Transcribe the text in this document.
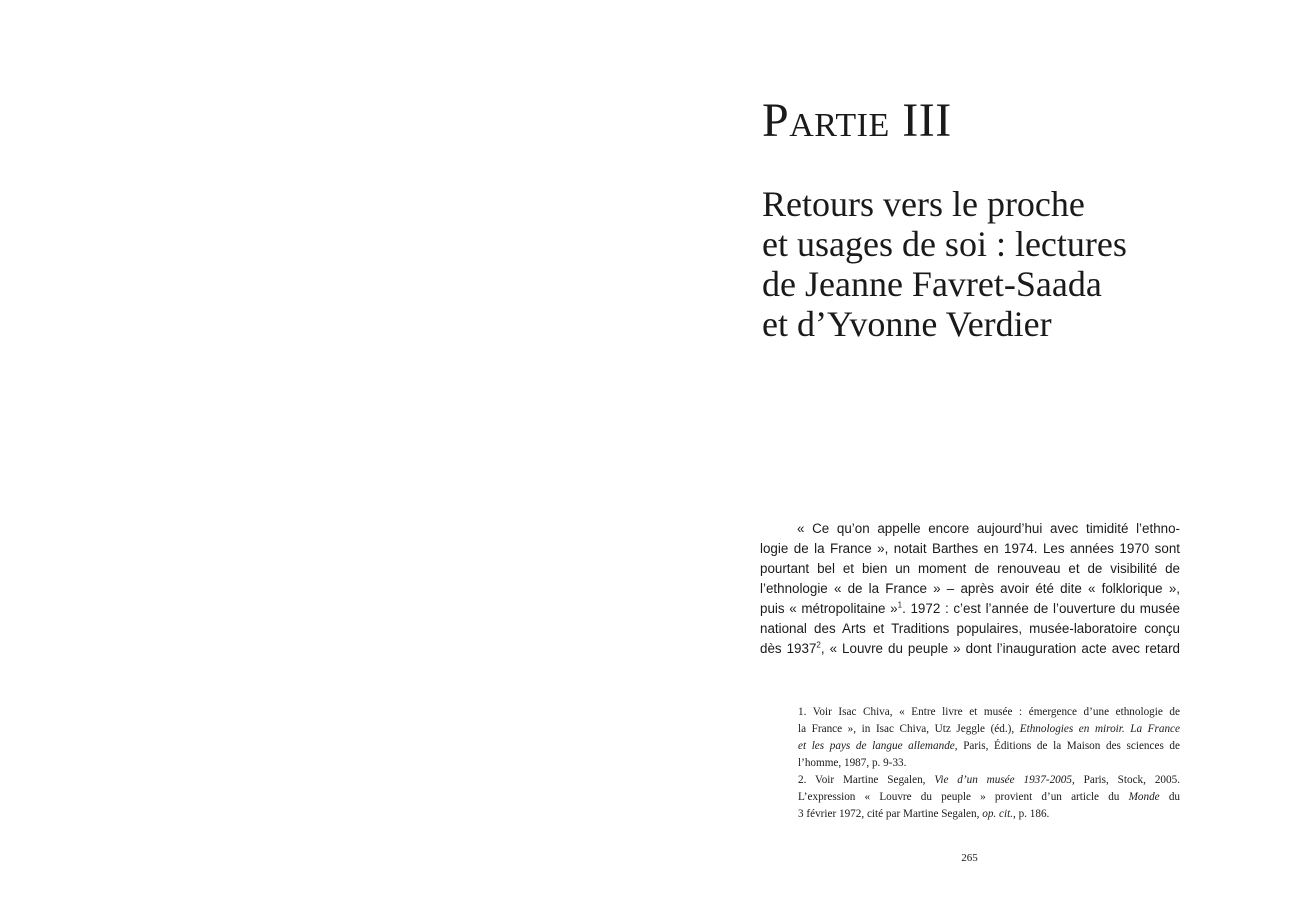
Partie III
Retours vers le proche
et usages de soi : lectures
de Jeanne Favret-Saada
et d’Yvonne Verdier
« Ce qu’on appelle encore aujourd’hui avec timidité l’ethno-
logie de la France », notait Barthes en 1974. Les années 1970 sont
pourtant bel et bien un moment de renouveau et de visibilité de
l’ethnologie « de la France » – après avoir été dite « folklorique »,
puis « métropolitaine »$^1$. 1972 : c’est l’année de l’ouverture du musée
national des Arts et Traditions populaires, musée-laboratoire conçu
dès 1937$^2$, « Louvre du peuple » dont l’inauguration acte avec retard
1. Voir Isac Chiva, « Entre livre et musée : émergence d’une ethnologie de
la France », in Isac Chiva, Utz Jeggle (éd.), Ethnologies en miroir. La France
et les pays de langue allemande, Paris, Éditions de la Maison des sciences de
l’homme, 1987, p. 9-33.
2. Voir Martine Segalen, Vie d’un musée 1937-2005, Paris, Stock, 2005.
L’expression « Louvre du peuple » provient d’un article du Monde du
3 février 1972, cité par Martine Segalen, op. cit., p. 186.
265
